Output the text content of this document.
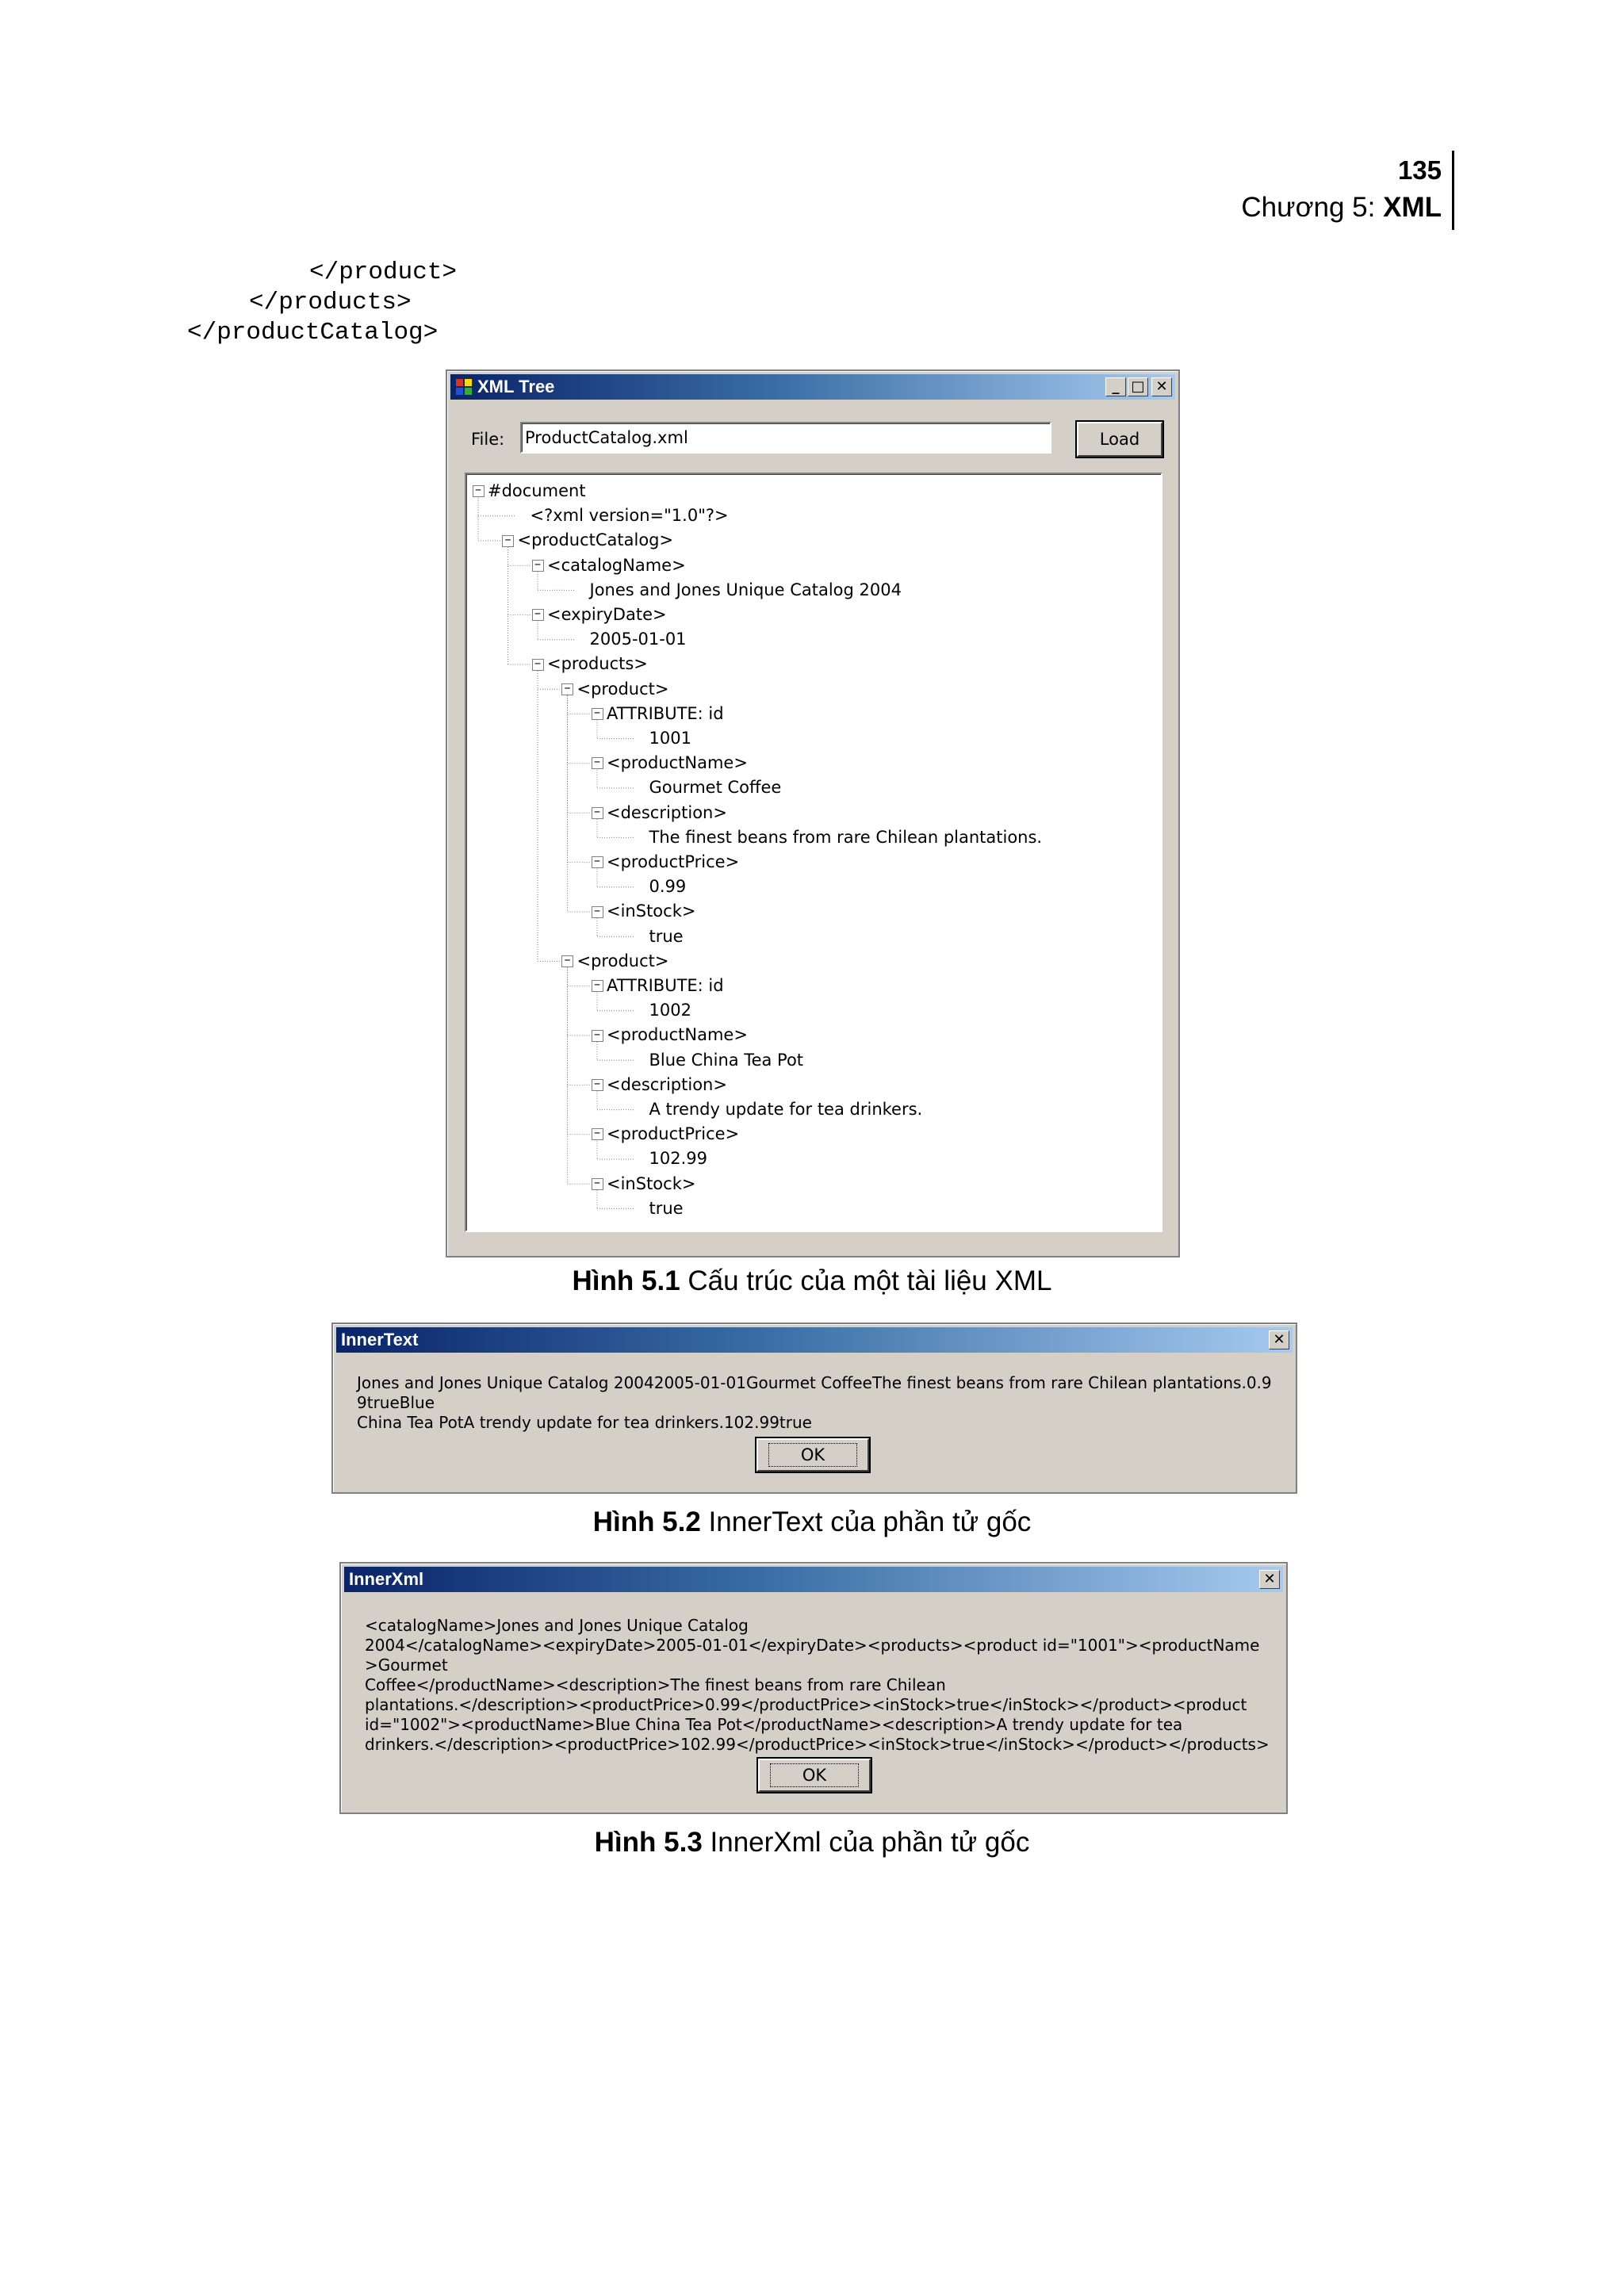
135
Chương 5: XML
</product>
</products>
</productCatalog>
XML Tree	_ □ ✕
File: ProductCatalog.xml	Load
− #document
<?xml version="1.0"?>
− <productCatalog>
− <catalogName>
Jones and Jones Unique Catalog 2004
− <expiryDate>
2005-01-01
− <products>
− <product>
− ATTRIBUTE: id
1001
− <productName>
Gourmet Coffee
− <description>
The finest beans from rare Chilean plantations.
− <productPrice>
0.99
− <inStock>
true
− <product>
− ATTRIBUTE: id
1002
− <productName>
Blue China Tea Pot
− <description>
A trendy update for tea drinkers.
− <productPrice>
102.99
− <inStock>
true
Hình 5.1 Cấu trúc của một tài liệu XML
InnerText	✕
Jones and Jones Unique Catalog 20042005-01-01Gourmet CoffeeThe finest beans from rare Chilean plantations.0.99trueBlue
China Tea PotA trendy update for tea drinkers.102.99true
OK
Hình 5.2 InnerText của phần tử gốc
InnerXml	✕
<catalogName>Jones and Jones Unique Catalog
2004</catalogName><expiryDate>2005-01-01</expiryDate><products><product id="1001"><productName>Gourmet
Coffee</productName><description>The finest beans from rare Chilean
plantations.</description><productPrice>0.99</productPrice><inStock>true</inStock></product><product
id="1002"><productName>Blue China Tea Pot</productName><description>A trendy update for tea
drinkers.</description><productPrice>102.99</productPrice><inStock>true</inStock></product></products>
OK
Hình 5.3 InnerXml của phần tử gốc
